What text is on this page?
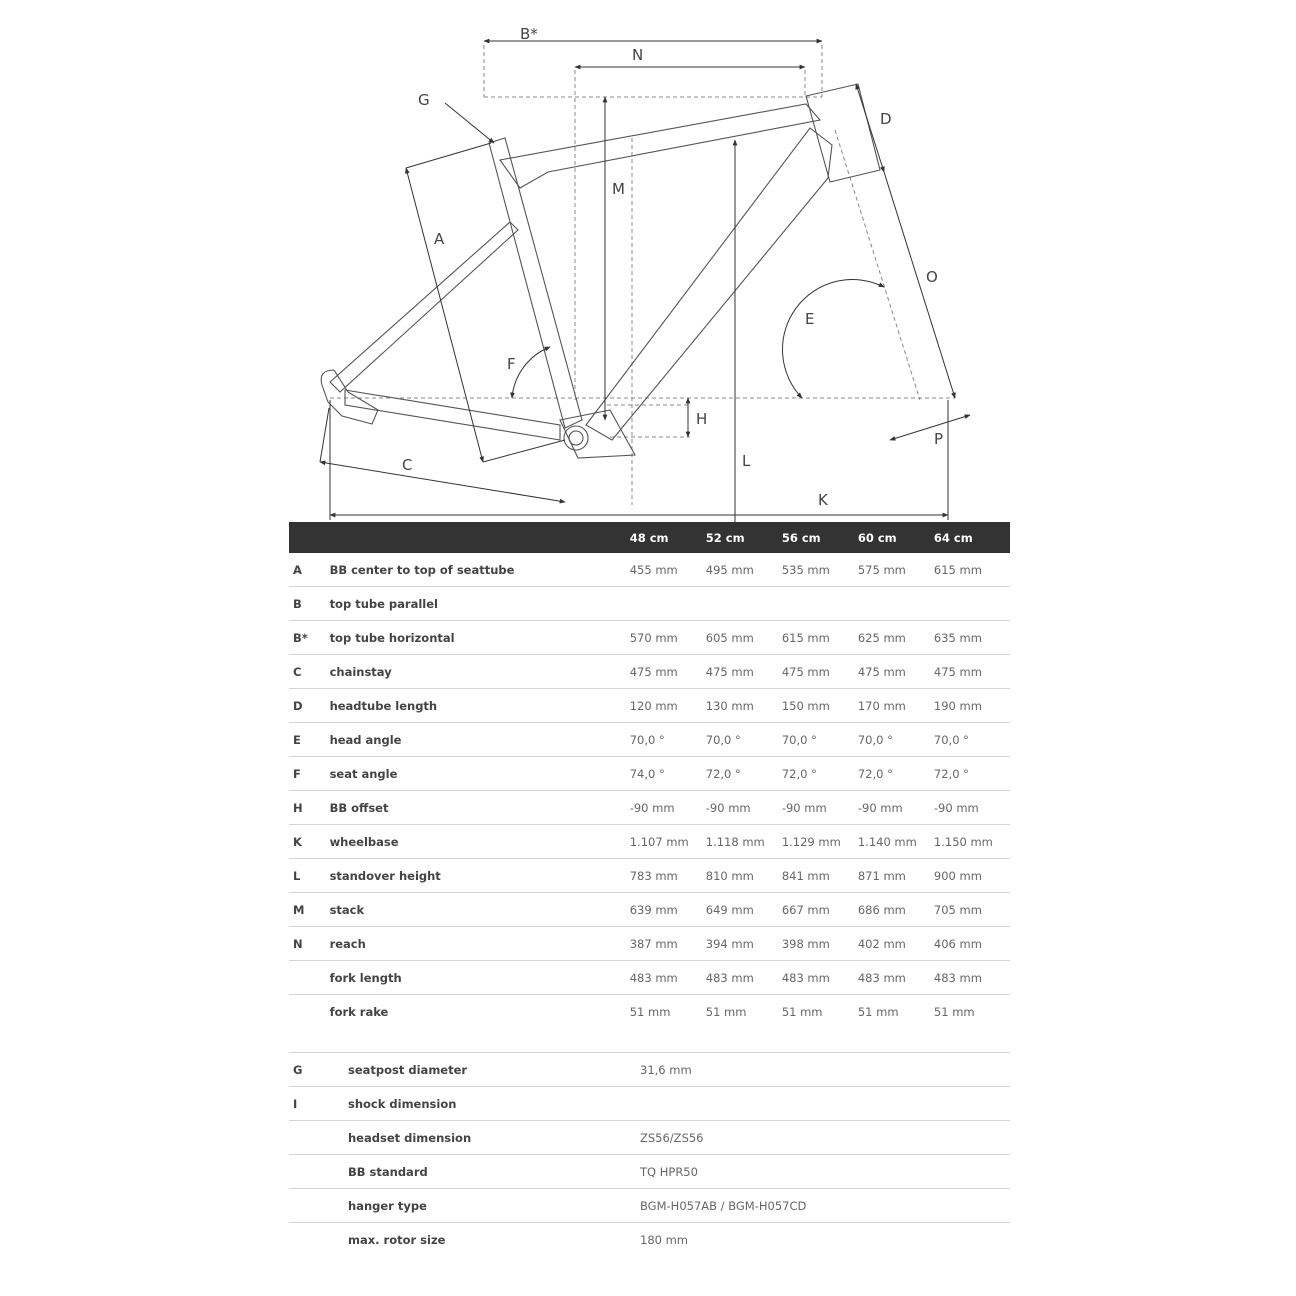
B*
N
G
D
M
A
O
E
F
H
L
C
K
P
		48 cm	52 cm	56 cm	60 cm	64 cm
A	BB center to top of seattube	455 mm	495 mm	535 mm	575 mm	615 mm
B	top tube parallel					
B*	top tube horizontal	570 mm	605 mm	615 mm	625 mm	635 mm
C	chainstay	475 mm	475 mm	475 mm	475 mm	475 mm
D	headtube length	120 mm	130 mm	150 mm	170 mm	190 mm
E	head angle	70,0 °	70,0 °	70,0 °	70,0 °	70,0 °
F	seat angle	74,0 °	72,0 °	72,0 °	72,0 °	72,0 °
H	BB offset	-90 mm	-90 mm	-90 mm	-90 mm	-90 mm
K	wheelbase	1.107 mm	1.118 mm	1.129 mm	1.140 mm	1.150 mm
L	standover height	783 mm	810 mm	841 mm	871 mm	900 mm
M	stack	639 mm	649 mm	667 mm	686 mm	705 mm
N	reach	387 mm	394 mm	398 mm	402 mm	406 mm
	fork length	483 mm	483 mm	483 mm	483 mm	483 mm
	fork rake	51 mm	51 mm	51 mm	51 mm	51 mm
G	seatpost diameter	31,6 mm
I	shock dimension	
	headset dimension	ZS56/ZS56
	BB standard	TQ HPR50
	hanger type	BGM-H057AB / BGM-H057CD
	max. rotor size	180 mm
